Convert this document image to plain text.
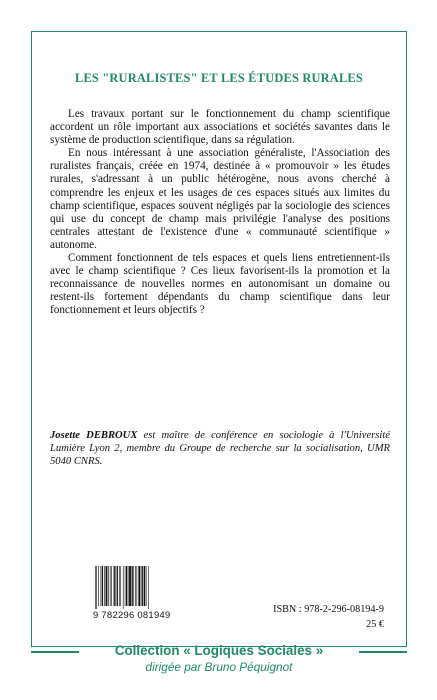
LES "RURALISTES" ET LES ÉTUDES RURALES

Les travaux portant sur le fonctionnement du champ scientifique accordent un rôle important aux associations et sociétés savantes dans le système de production scientifique, dans sa régulation.

En nous intéressant à une association généraliste, l'Association des ruralistes français, créée en 1974, destinée à « promouvoir » les études rurales, s'adressant à un public hétérogène, nous avons cherché à comprendre les enjeux et les usages de ces espaces situés aux limites du champ scientifique, espaces souvent négligés par la sociologie des sciences qui use du concept de champ mais privilégie l'analyse des positions centrales attestant de l'existence d'une « communauté scientifique » autonome.

Comment fonctionnent de tels espaces et quels liens entretiennent-ils avec le champ scientifique ? Ces lieux favorisent-ils la promotion et la reconnaissance de nouvelles normes en autonomisant un domaine ou restent-ils fortement dépendants du champ scientifique dans leur fonctionnement et leurs objectifs ?

Josette DEBROUX est maître de conférence en sociologie à l'Université Lumière Lyon 2, membre du Groupe de recherche sur la socialisation, UMR 5040 CNRS.
9 782296 081949	ISBN : 978-2-296-08194-9
25 €
Collection « Logiques Sociales »
dirigée par Bruno Péquignot
